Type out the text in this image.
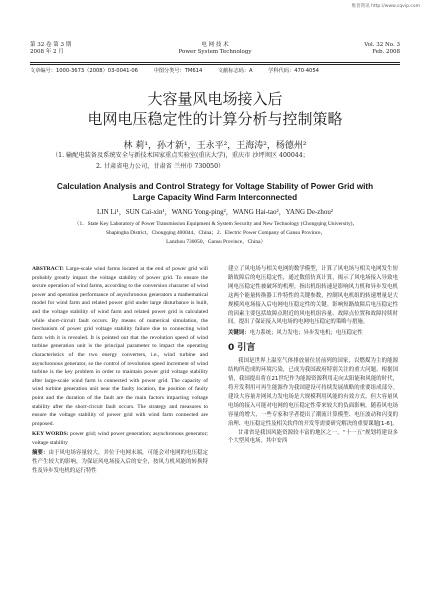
维普资讯 http://www.cqvip.com
第 32 卷 第 3 期
2008 年 2 月
电 网 技 术
Power System Technology
Vol. 32 No. 3
Feb. 2008
文章编号：1000-3673（2008）03-0041-06	中图分类号：TM614	文献标志码：A	学科代码：470·4054
大容量风电场接入后
电网电压稳定性的计算分析与控制策略
林 莉¹，孙才新¹，王永平²，王海涛²，杨德州²
（1. 输配电装备及系统安全与新技术国家重点实验室(重庆大学)，重庆市 沙坪坝区 400044；
2. 甘肃省电力公司，甘肃省 兰州市 730050）
Calculation Analysis and Control Strategy for Voltage Stability of Power Grid with
Large Capacity Wind Farm Interconnected
LIN Li¹，SUN Cai-xin¹，WANG Yong-ping²，WANG Hai-tao²，YANG De-zhou²
（1．State Key Laboratory of Power Transmission Equipment & System Security and New Technology (Chongqing University)，
Shapingba District，Chongqing 400044，China；2．Electric Power Company of Gansu Province，
Lanzhou 730050，Gansu Province，China）

ABSTRACT: Large-scale wind farms located at the end of power grid will probably greatly impact the voltage stability of power grid. To ensure the secure operation of wind farms, according to the conversion character of wind power and operation performance of asynchronous generators a mathematical model for wind farm and related power grid under large disturbance is built, and the voltage stability of wind farm and related power grid is calculated while short-circuit fault occurs. By means of numerical simulation, the mechanism of power grid voltage stability failure due to connecting wind farm with it is revealed. It is pointed out that the revolution speed of wind turbine generation unit is the principal parameter to impact the operating characteristics of the two energy converters, i.e., wind turbine and asynchronous generator, so the control of revolution speed increment of wind turbine is the key problem in order to maintain power grid voltage stability after large-scale wind farm is connected with power grid. The capacity of wind turbine generation unit near the faulty location, the position of faulty point and the duration of the fault are the main factors impacting voltage stability after the short-circuit fault occurs. The strategy and measures to ensure the voltage stability of power grid with wind farm connected are proposed.

KEY WORDS: power grid; wind power generation; asynchronous generator; voltage stability

摘要：由于风电场容量较大，并位于电网末端，可能会对电网的电压稳定性产生较大的影响。为保证风电场接入后的安全，按风力机风能的转换特性及异步发电机的运行特性

建立了风电场与相关电网的数学模型，计算了风电场与相关电网发生短路故障后的电压稳定性，通过数值仿真计算，揭示了风电场接入导致电网电压稳定性被破坏的机理。指出机组转速是影响风力机和异步发电机这两个能量转换器工作特性的关键参数，控制风电机组的转速增量是大规模风电场接入后电网电压稳定性的关键。影响短路故障后电压稳定性的因素主要包括故障点附近的风电机组容量、故障点位置和故障持续时间。提出了保证接入风电场的电网电压稳定的策略与措施。

关键词：电力系统；风力发电；异步发电机；电压稳定性

0 引言

我国是世界上温室气体排放量位居前列的国家，以燃煤为主的能源结构所造成的环境污染，已成为我国政府特别关注的重大问题。根据国情，我国提出将在21世纪作为能源资源利用走向太阳能和风能的时代，将开发利用可再生能源作为我国建设可持续发展战略的重要组成部分。建设大容量并网风力发电场是大规模利用风能的有效方式，但大容量风电场的接入可能对电网的电压稳定性带来较大的负面影响。随着风电场容量的增大，一些专家和学者提出了潮流计算模型、电压波动和闪变的治理、电压稳定性及相关软件的开发等需要研究解决的重要课题[1-6]。

甘肃省是我国风能资源较丰富的地区之一，“十一五”规划将建设多个大型风电场，其中安西
